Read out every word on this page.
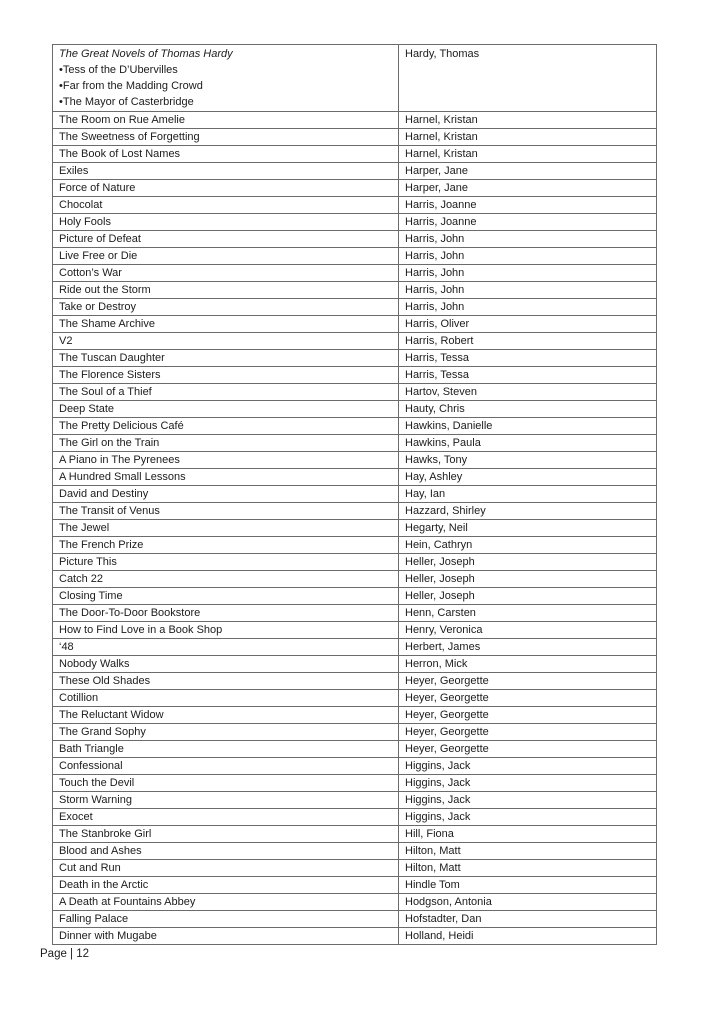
The Great Novels of Thomas Hardy
• Tess of the D’Ubervilles
• Far from the Madding Crowd
• The Mayor of Casterbridge	Hardy, Thomas
The Room on Rue Amelie	Harnel, Kristan
The Sweetness of Forgetting	Harnel, Kristan
The Book of Lost Names	Harnel, Kristan
Exiles	Harper, Jane
Force of Nature	Harper, Jane
Chocolat	Harris, Joanne
Holy Fools	Harris, Joanne
Picture of Defeat	Harris, John
Live Free or Die	Harris, John
Cotton’s War	Harris, John
Ride out the Storm	Harris, John
Take or Destroy	Harris, John
The Shame Archive	Harris, Oliver
V2	Harris, Robert
The Tuscan Daughter	Harris, Tessa
The Florence Sisters	Harris, Tessa
The Soul of a Thief	Hartov, Steven
Deep State	Hauty, Chris
The Pretty Delicious Café	Hawkins, Danielle
The Girl on the Train	Hawkins, Paula
A Piano in The Pyrenees	Hawks, Tony
A Hundred Small Lessons	Hay, Ashley
David and Destiny	Hay, Ian
The Transit of Venus	Hazzard, Shirley
The Jewel	Hegarty, Neil
The French Prize	Hein, Cathryn
Picture This	Heller, Joseph
Catch 22	Heller, Joseph
Closing Time	Heller, Joseph
The Door-To-Door Bookstore	Henn, Carsten
How to Find Love in a Book Shop	Henry, Veronica
‘48	Herbert, James
Nobody Walks	Herron, Mick
These Old Shades	Heyer, Georgette
Cotillion	Heyer, Georgette
The Reluctant Widow	Heyer, Georgette
The Grand Sophy	Heyer, Georgette
Bath Triangle	Heyer, Georgette
Confessional	Higgins, Jack
Touch the Devil	Higgins, Jack
Storm Warning	Higgins, Jack
Exocet	Higgins, Jack
The Stanbroke Girl	Hill, Fiona
Blood and Ashes	Hilton, Matt
Cut and Run	Hilton, Matt
Death in the Arctic	Hindle Tom
A Death at Fountains Abbey	Hodgson, Antonia
Falling Palace	Hofstadter, Dan
Dinner with Mugabe	Holland, Heidi
Page | 12
